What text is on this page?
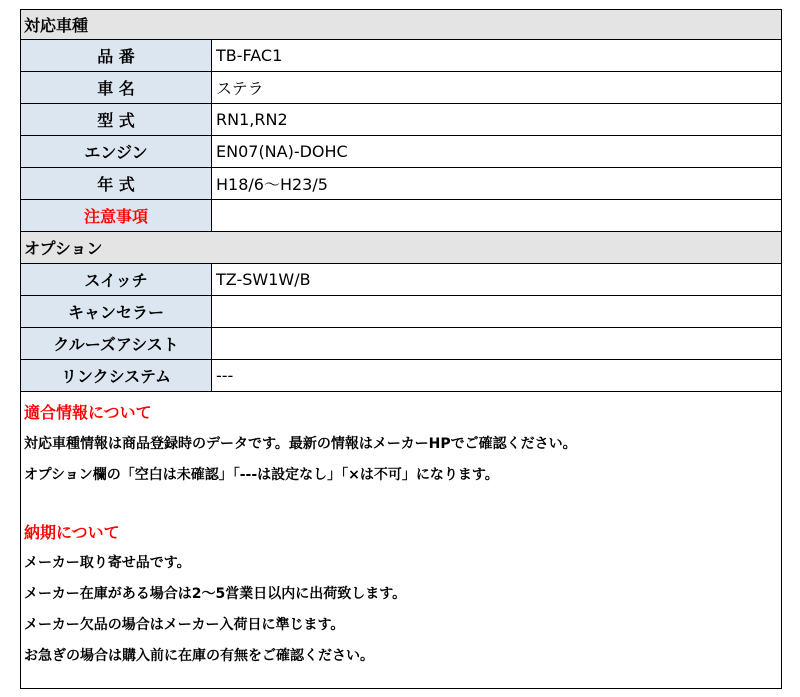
対応車種
品 番	TB-FAC1
車 名	ステラ
型 式	RN1,RN2
エンジン	EN07(NA)-DOHC
年 式	H18/6〜H23/5
注意事項
オプション
スイッチ	TZ-SW1W/B
キャンセラー
クルーズアシスト
リンクシステム	---
適合情報について
対応車種情報は商品登録時のデータです。最新の情報はメーカーHPでご確認ください。
オプション欄の「空白は未確認」「---は設定なし」「×は不可」になります。
納期について
メーカー取り寄せ品です。
メーカー在庫がある場合は2〜5営業日以内に出荷致します。
メーカー欠品の場合はメーカー入荷日に準じます。
お急ぎの場合は購入前に在庫の有無をご確認ください。
